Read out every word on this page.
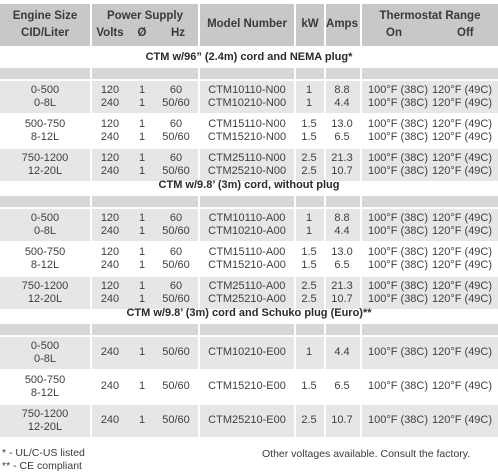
Engine Size
CID/Liter
Power Supply
Volts	Ø	Hz
Model Number	kW Amps
Thermostat Range
On	Off
CTM w/96” (2.4m) cord and NEMA plug*
0-500
0-8L
120	1	60	CTM10110-N00	1	8.8	100°F (38C) 120°F (49C)
240	1	50/60	CTM10210-N00	1	4.4	100°F (38C) 120°F (49C)
500-750
8-12L
120	1	60	CTM15110-N00	1.5	13.0	100°F (38C) 120°F (49C)
240	1	50/60	CTM15210-N00	1.5	6.5	100°F (38C) 120°F (49C)
750-1200
12-20L
120	1	60	CTM25110-N00	2.5	21.3	100°F (38C) 120°F (49C)
240	1	50/60	CTM25210-N00	2.5	10.7	100°F (38C) 120°F (49C)
CTM w/9.8’ (3m) cord, without plug
0-500
0-8L
120	1	60	CTM10110-A00	1	8.8	100°F (38C) 120°F (49C)
240	1	50/60	CTM10210-A00	1	4.4	100°F (38C) 120°F (49C)
500-750
8-12L
120	1	60	CTM15110-A00	1.5	13.0	100°F (38C) 120°F (49C)
240	1	50/60	CTM15210-A00	1.5	6.5	100°F (38C) 120°F (49C)
750-1200
12-20L
120	1	60	CTM25110-A00	2.5	21.3	100°F (38C) 120°F (49C)
240	1	50/60	CTM25210-A00	2.5	10.7	100°F (38C) 120°F (49C)
CTM w/9.8’ (3m) cord and Schuko plug (Euro)**
0-500
0-8L
240	1	50/60	CTM10210-E00	1	4.4	100°F (38C) 120°F (49C)
500-750
8-12L
240	1	50/60	CTM15210-E00	1.5	6.5	100°F (38C) 120°F (49C)
750-1200
12-20L
240	1	50/60	CTM25210-E00	2.5	10.7	100°F (38C) 120°F (49C)
* - UL/C-US listed
** - CE compliant
Other voltages available. Consult the factory.
